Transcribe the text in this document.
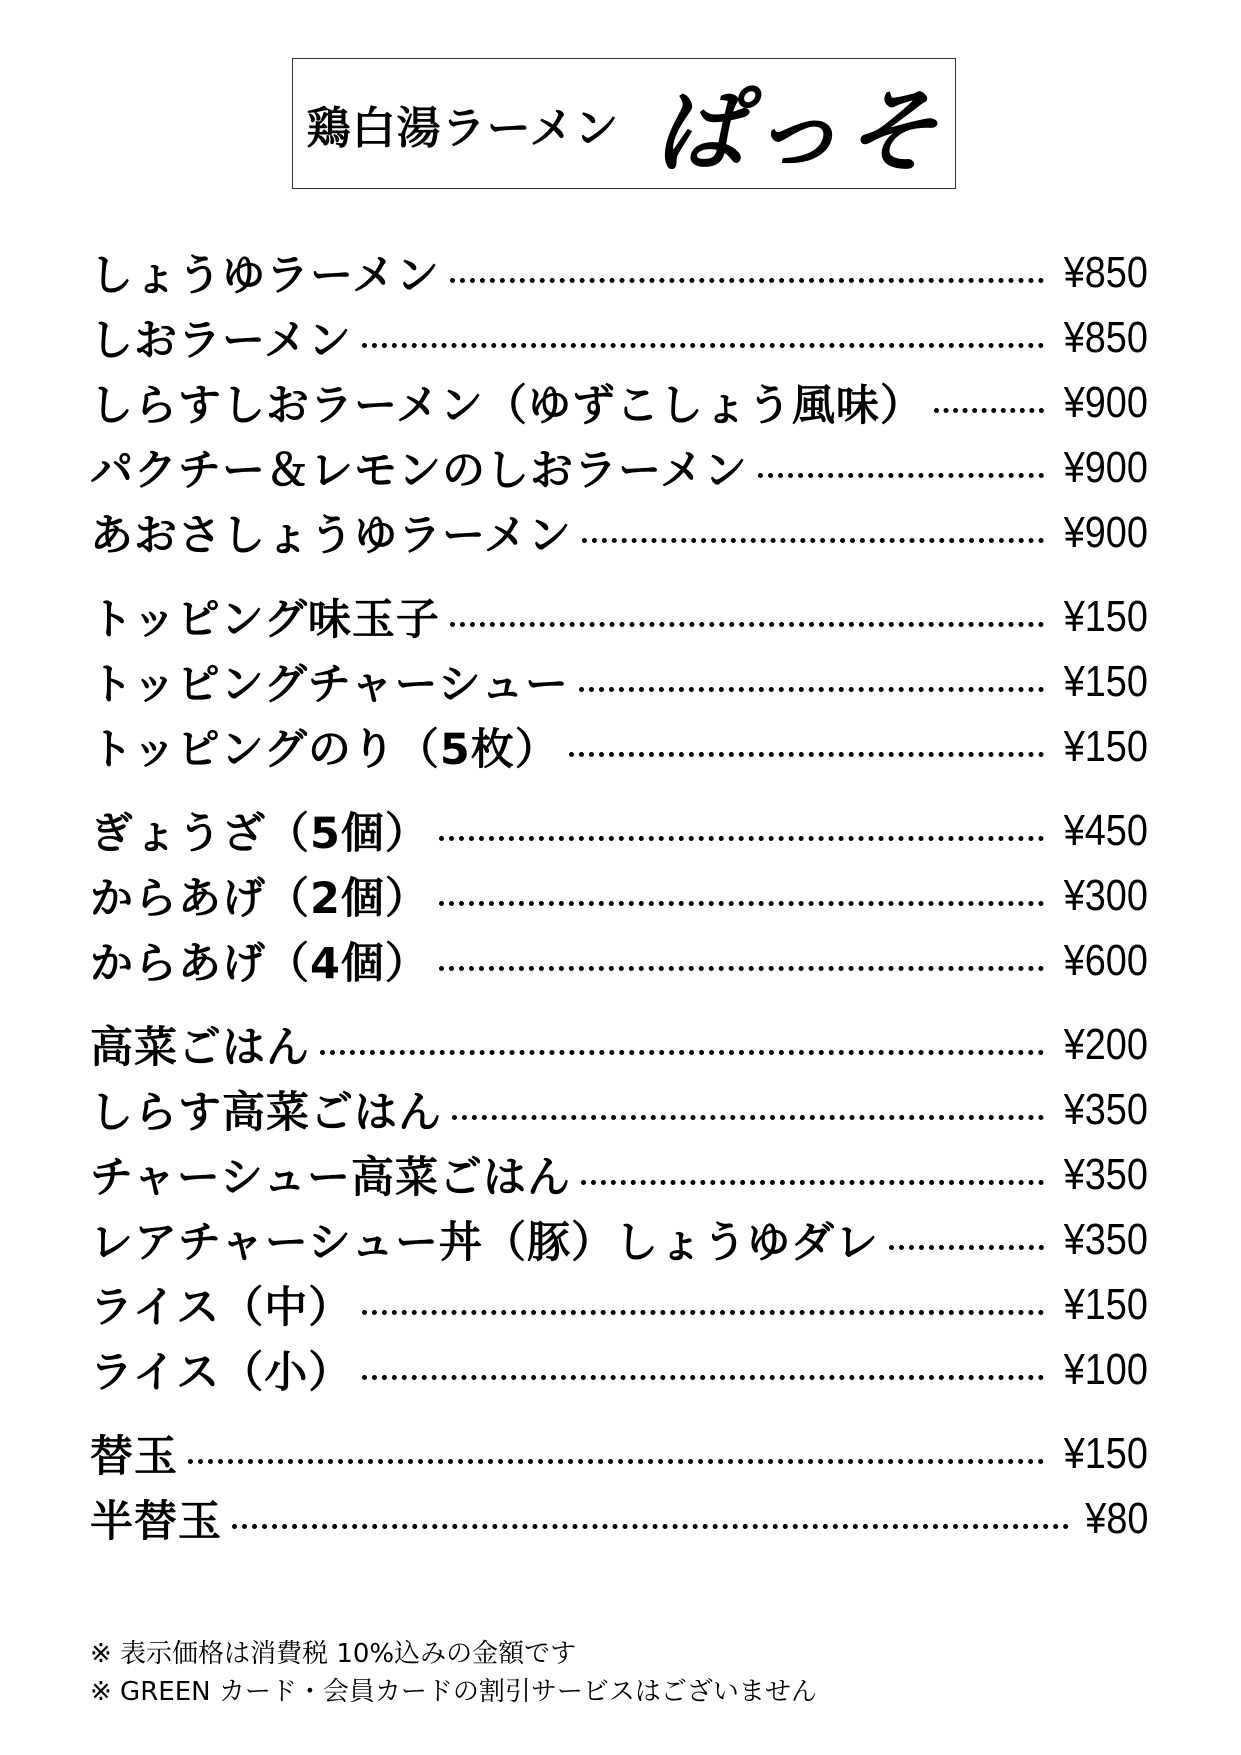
鶏白湯ラーメン ぱっそ
しょうゆラーメン	¥850
しおラーメン	¥850
しらすしおラーメン（ゆずこしょう風味）	¥900
パクチー＆レモンのしおラーメン	¥900
あおさしょうゆラーメン	¥900
トッピング味玉子	¥150
トッピングチャーシュー	¥150
トッピングのり（5枚）	¥150
ぎょうざ（5個）	¥450
からあげ（2個）	¥300
からあげ（4個）	¥600
高菜ごはん	¥200
しらす高菜ごはん	¥350
チャーシュー高菜ごはん	¥350
レアチャーシュー丼（豚）しょうゆダレ	¥350
ライス（中）	¥150
ライス（小）	¥100
替玉	¥150
半替玉	¥80
※ 表示価格は消費税 10%込みの金額です
※ GREEN カード・会員カードの割引サービスはございません
